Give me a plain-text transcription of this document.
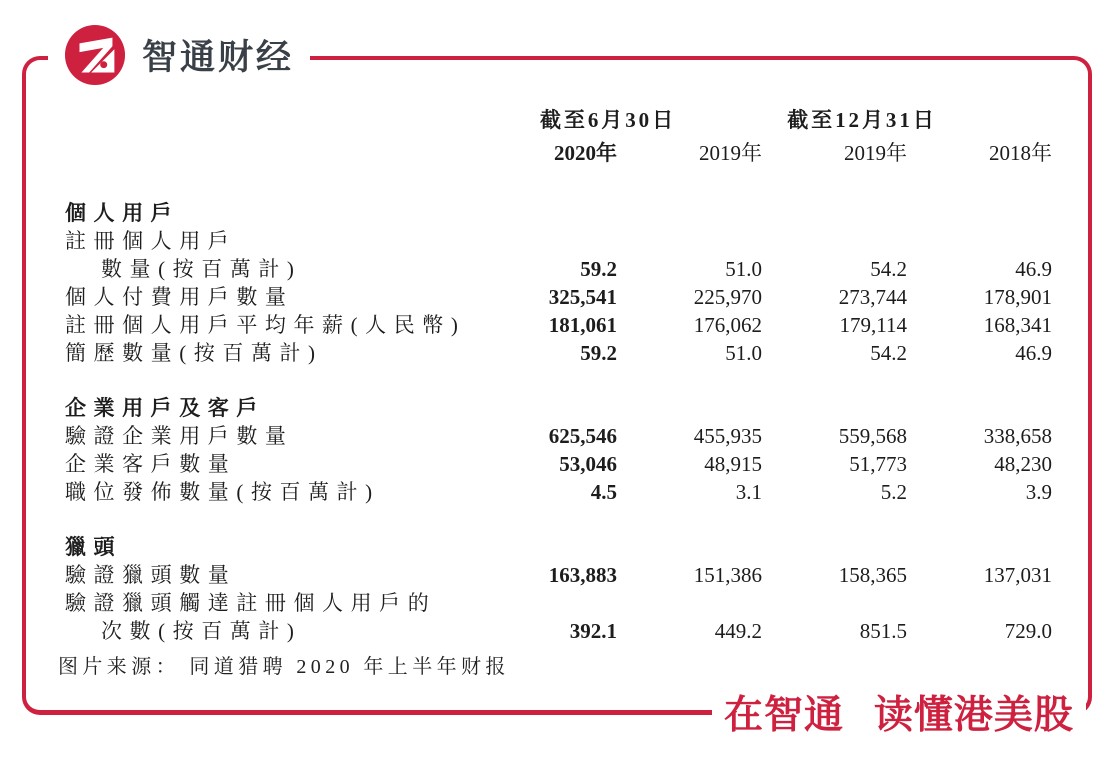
智通财经
截至6月30日	截至12月31日
2020年	2019年	2019年	2018年
個人用戶
註冊個人用戶
數量(按百萬計)	59.2	51.0	54.2	46.9
個人付費用戶數量	325,541	225,970	273,744	178,901
註冊個人用戶平均年薪(人民幣)	181,061	176,062	179,114	168,341
簡歷數量(按百萬計)	59.2	51.0	54.2	46.9
企業用戶及客戶
驗證企業用戶數量	625,546	455,935	559,568	338,658
企業客戶數量	53,046	48,915	51,773	48,230
職位發佈數量(按百萬計)	4.5	3.1	5.2	3.9
獵頭
驗證獵頭數量	163,883	151,386	158,365	137,031
驗證獵頭觸達註冊個人用戶的
次數(按百萬計)	392.1	449.2	851.5	729.0
图片来源： 同道猎聘 2020 年上半年财报
在智通 读懂港美股
